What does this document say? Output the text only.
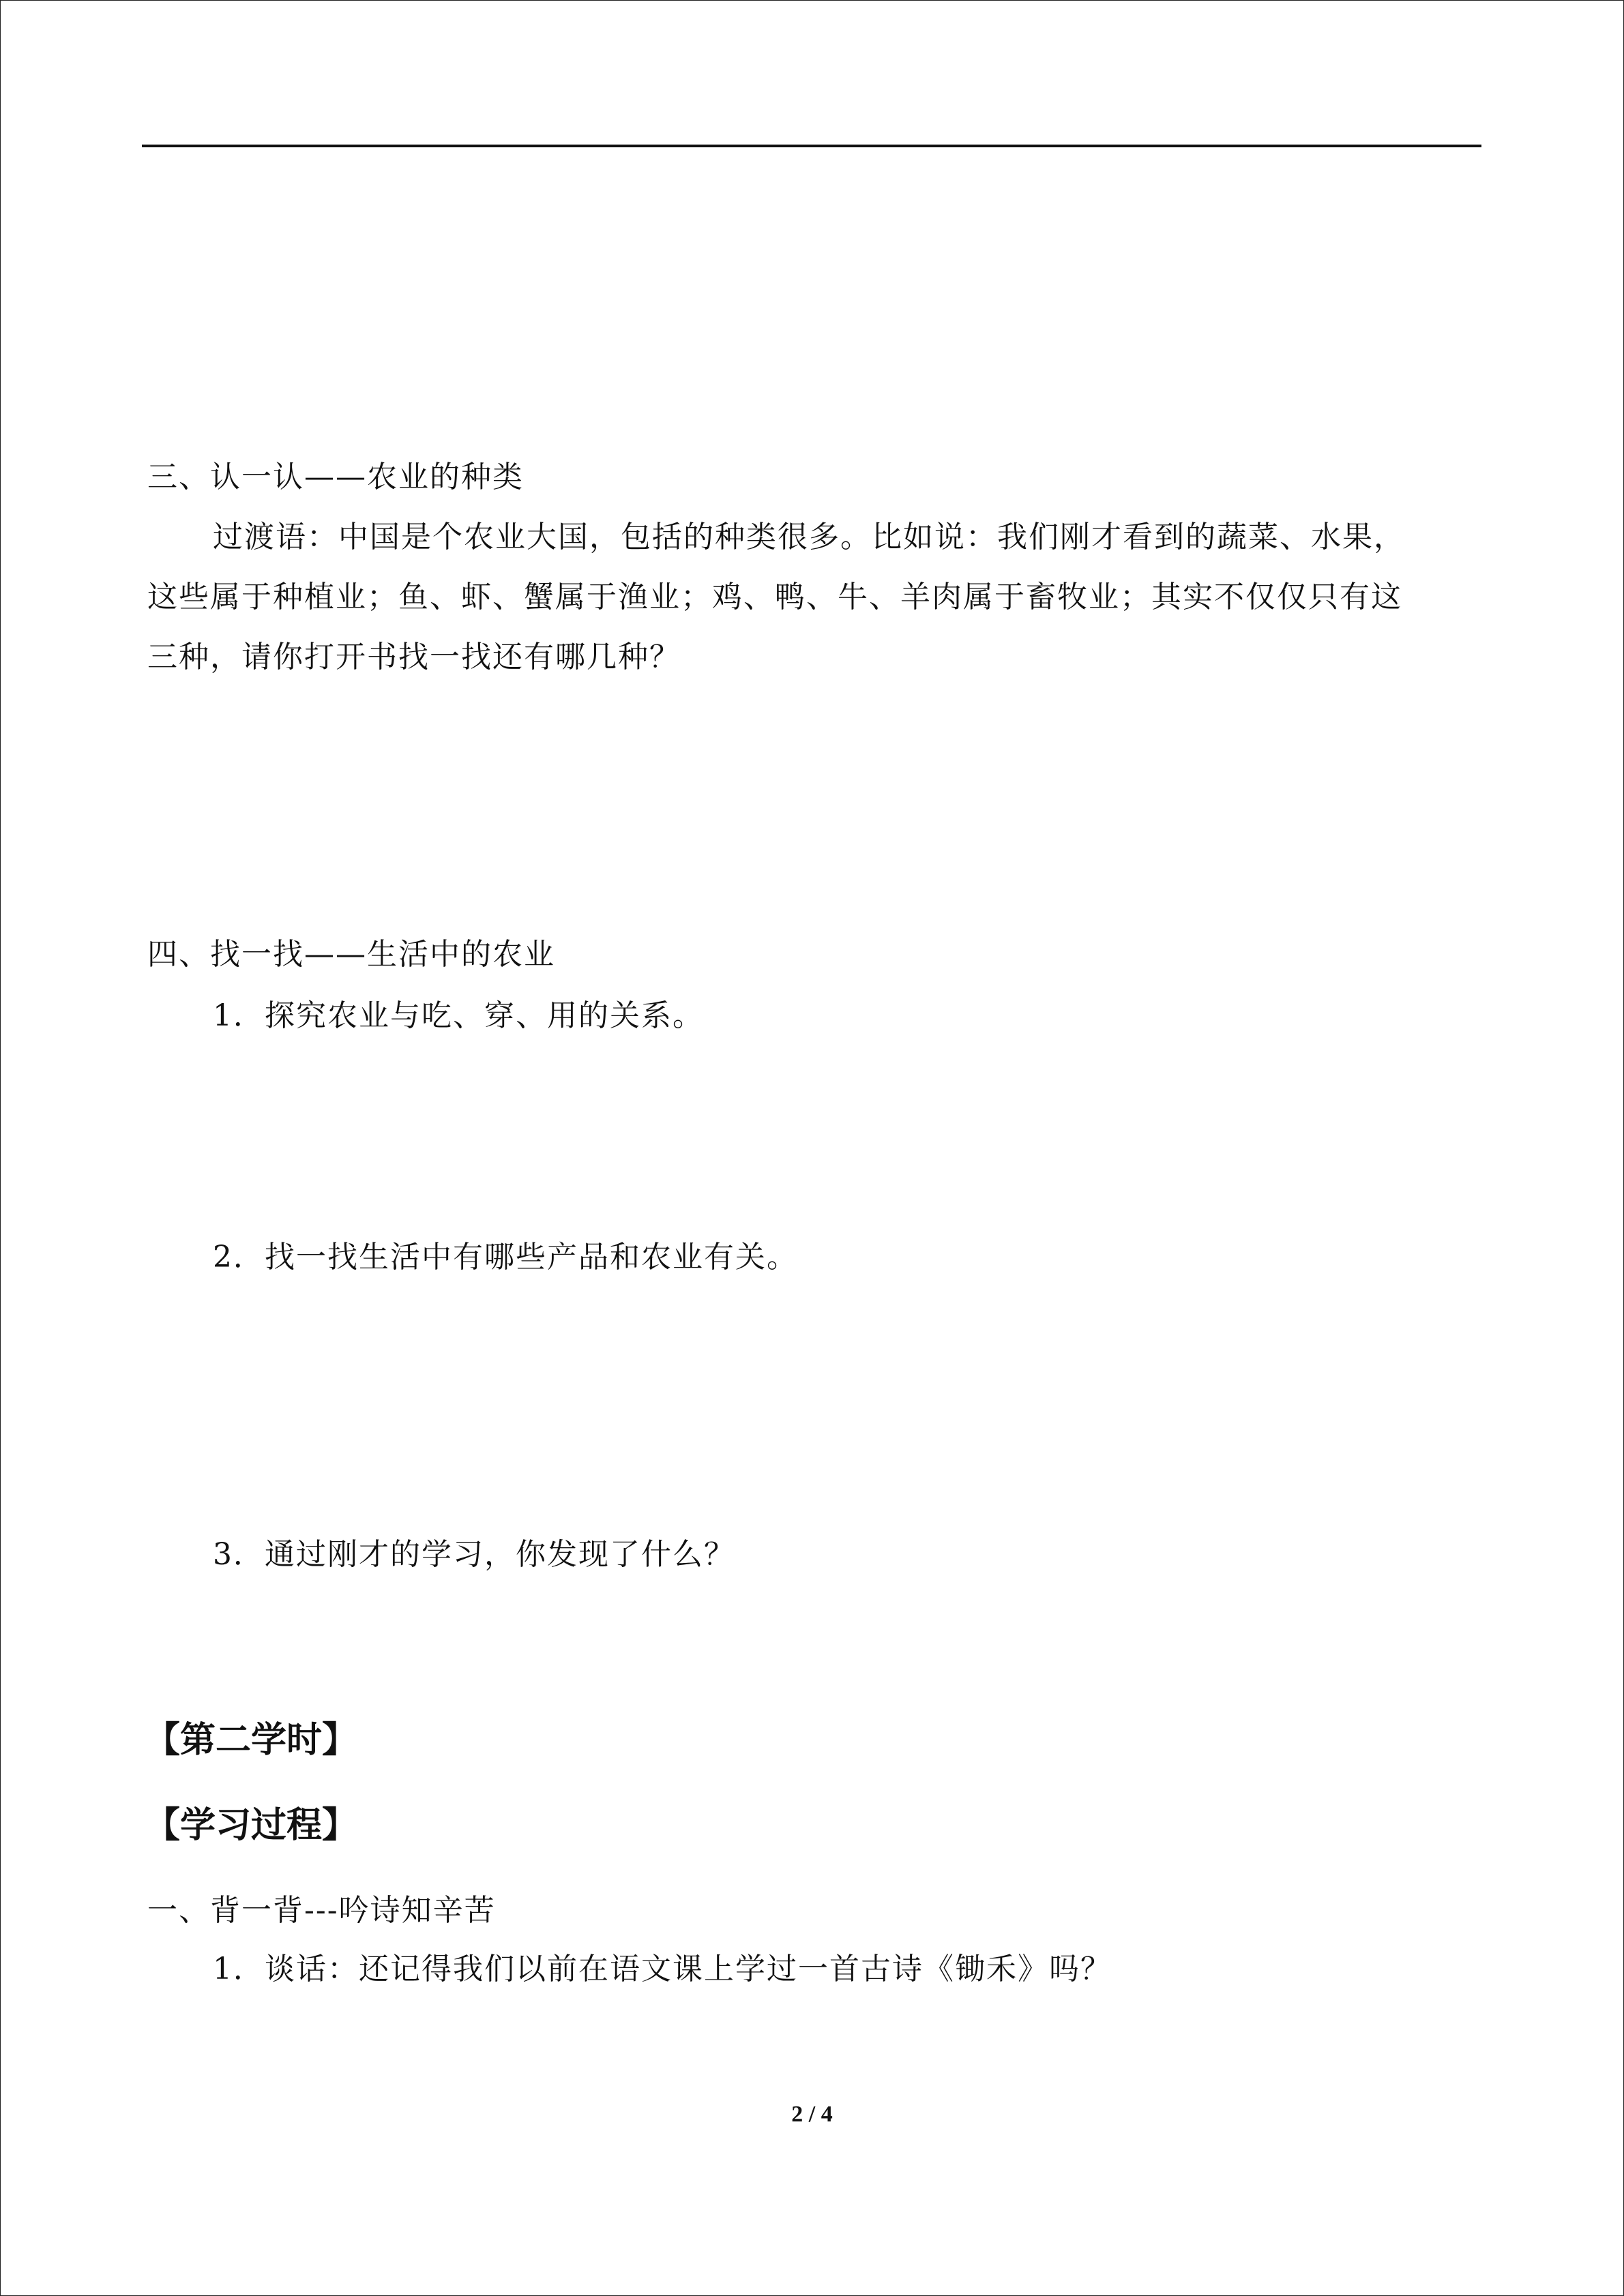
三、认一认——农业的种类
过渡语：中国是个农业大国，包括的种类很多。比如说：我们刚才看到的蔬菜、水果，
这些属于种植业；鱼、虾、蟹属于渔业；鸡、鸭、牛、羊肉属于畜牧业；其实不仅仅只有这
三种，请你打开书找一找还有哪几种？
四、找一找——生活中的农业
1．探究农业与吃、穿、用的关系。
2．找一找生活中有哪些产品和农业有关。
3．通过刚才的学习，你发现了什么？
【第二学时】
【学习过程】
一、背一背---吟诗知辛苦
1．谈话：还记得我们以前在语文课上学过一首古诗《锄禾》吗？
2 / 4
